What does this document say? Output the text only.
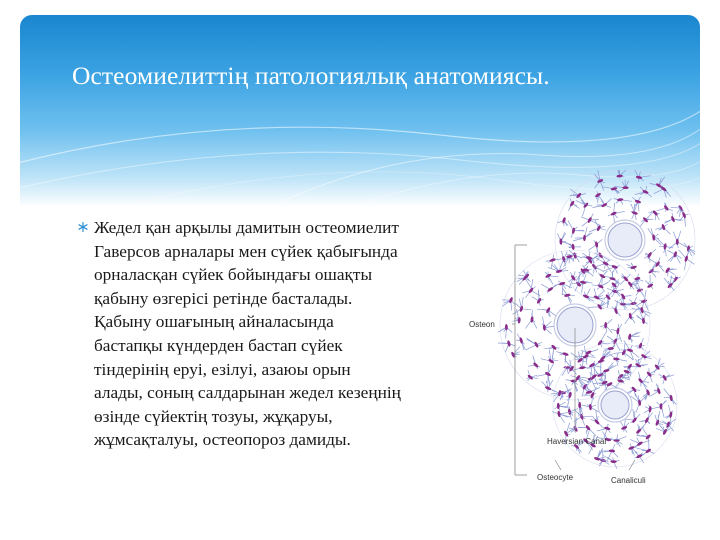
Остеомиелиттің патологиялық анатомиясы.
Жедел қан арқылы дамитын остеомиелит
Гаверсов арналары мен сүйек қабығында
орналасқан сүйек бойындағы ошақты
қабыну өзгерісі ретінде басталады.
Қабыну ошағының айналасында
бастапқы күндерден бастап сүйек
тіндерінің еруі, езілуі, азаюы орын
алады, соның салдарынан жедел кезеңнің
өзінде сүйектің тозуы, жұқаруы,
жұмсақталуы, остеопороз дамиды.
Osteon
Haversian Canal
Osteocyte	Canaliculi
